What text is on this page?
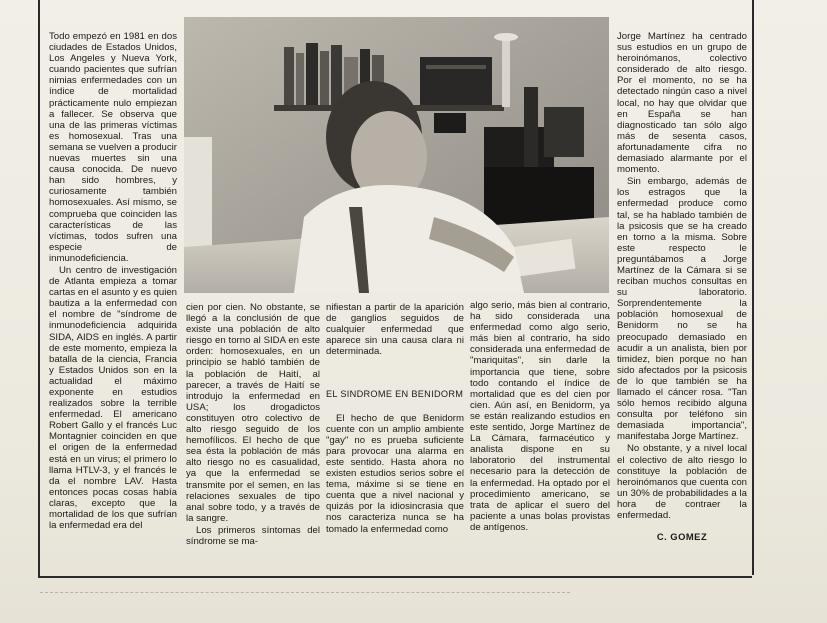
Todo empezó en 1981 en dos ciudades de Estados Unidos, Los Angeles y Nueva York, cuando pacientes que sufrían nimias enfermedades con un índice de mortalidad prácticamente nulo empiezan a fallecer. Se observa que una de las primeras víctimas es homosexual. Tras una semana se vuelven a producir nuevas muertes sin una causa conocida. De nuevo han sido hombres, y curiosamente también homosexuales. Así mismo, se comprueba que coinciden las características de las víctimas, todos sufren una especie de inmunodeficiencia.

Un centro de investigación de Atlanta empieza a tomar cartas en el asunto y es quien bautiza a la enfermedad con el nombre de "síndrome de inmunodeficiencia adquirida SIDA, AIDS en inglés. A partir de este momento, empieza la batalla de la ciencia, Francia y Estados Unidos son en la actualidad el máximo exponente en estudios realizados sobre la terrible enfermedad. El americano Robert Gallo y el francés Luc Montagnier coinciden en que el origen de la enfermedad está en un virus; el primero lo llama HTLV-3, y el francés le da el nombre LAV. Hasta entonces pocas cosas había claras, excepto que la mortalidad de los que sufrían la enfermedad era del

cien por cien. No obstante, se llegó a la conclusión de que existe una población de alto riesgo en torno al SIDA en este orden: homosexuales, en un principio se habló también de la población de Haití, al parecer, a través de Haití se introdujo la enfermedad en USA; los drogadictos constituyen otro colectivo de alto riesgo seguido de los hemofílicos. El hecho de que sea ésta la población de más alto riesgo no es casualidad, ya que la enfermedad se transmite por el semen, en las relaciones sexuales de tipo anal sobre todo, y a través de la sangre.

Los primeros síntomas del síndrome se ma-

nifiestan a partir de la aparición de ganglios seguidos de cualquier enfermedad que aparece sin una causa clara ni determinada.

EL SINDROME EN BENIDORM

El hecho de que Benidorm cuente con un amplio ambiente "gay" no es prueba suficiente para provocar una alarma en este sentido. Hasta ahora no existen estudios serios sobre el tema, máxime si se tiene en cuenta que a nivel nacional y quizás por la idiosincrasia que nos caracteriza nunca se ha tomado la enfermedad como

algo serio, más bien al contrario, ha sido considerada una enfermedad como algo serio, más bien al contrario, ha sido considerada una enfermedad de "mariquitas", sin darle la importancia que tiene, sobre todo contando el índice de mortalidad que es del cien por cien. Aún así, en Benidorm, ya se están realizando estudios en este sentido, Jorge Martínez de La Cámara, farmacéutico y analista dispone en su laboratorio del instrumental necesario para la detección de la enfermedad. Ha optado por el procedimiento americano, se trata de aplicar el suero del paciente a unas bolas provistas de antígenos.

Jorge Martínez ha centrado sus estudios en un grupo de heroinómanos, colectivo considerado de alto riesgo. Por el momento, no se ha detectado ningún caso a nivel local, no hay que olvidar que en España se han diagnosticado tan sólo algo más de sesenta casos, afortunadamente cifra no demasiado alarmante por el momento.

Sin embargo, además de los estragos que la enfermedad produce como tal, se ha hablado también de la psicosis que se ha creado en torno a la misma. Sobre este respecto le preguntábamos a Jorge Martínez de la Cámara si se reciban muchos consultas en su laboratorio. Sorprendentemente la población homosexual de Benidorm no se ha preocupado demasiado en acudir a un analista, bien por timidez, bien porque no han sido afectados por la psicosis de lo que también se ha llamado el cáncer rosa. "Tan sólo hemos recibido alguna consulta por teléfono sin demasiada importancia", manifestaba Jorge Martínez.

No obstante, y a nivel local el colectivo de alto riesgo lo constituye la población de heroinómanos que cuenta con un 30% de probabilidades a la hora de contraer la enfermedad.

C. GOMEZ
